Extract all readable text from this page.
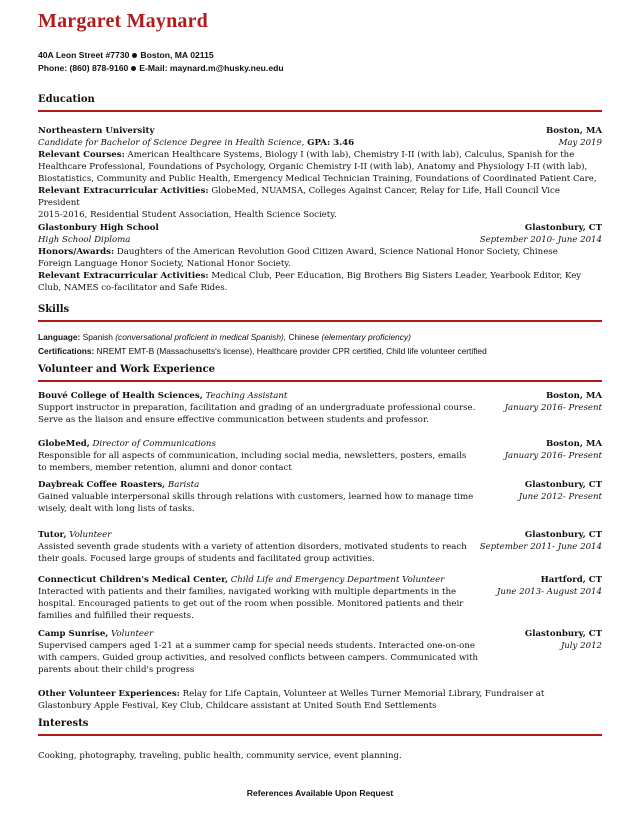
Margaret Maynard
40A Leon Street #7730 Boston, MA 02115
Phone: (860) 878-9160 E-Mail: maynard.m@husky.neu.edu
Education
Northeastern University	Boston, MA
Candidate for Bachelor of Science Degree in Health Science, GPA: 3.46	May 2019
Relevant Courses: American Healthcare Systems, Biology I (with lab), Chemistry I-II (with lab), Calculus, Spanish for the
Healthcare Professional, Foundations of Psychology, Organic Chemistry I-II (with lab), Anatomy and Physiology I-II (with lab),
Biostatistics, Community and Public Health, Emergency Medical Technician Training, Foundations of Coordinated Patient Care,
Relevant Extracurricular Activities: GlobeMed, NUAMSA, Colleges Against Cancer, Relay for Life, Hall Council Vice President
2015-2016, Residential Student Association, Health Science Society.
Glastonbury High School	Glastonbury, CT
High School Diploma	September 2010- June 2014
Honors/Awards: Daughters of the American Revolution Good Citizen Award, Science National Honor Society, Chinese
Foreign Language Honor Society, National Honor Society.
Relevant Extracurricular Activities: Medical Club, Peer Education, Big Brothers Big Sisters Leader, Yearbook Editor, Key
Club, NAMES co-facilitator and Safe Rides.
Skills
Language: Spanish (conversational proficient in medical Spanish), Chinese (elementary proficiency)
Certifications: NREMT EMT-B (Massachusetts's license), Healthcare provider CPR certified, Child life volunteer certified
Volunteer and Work Experience
Bouvé College of Health Sciences, Teaching Assistant	Boston, MA
Support instructor in preparation, facilitation and grading of an undergraduate professional course.	January 2016- Present
Serve as the liaison and ensure effective communication between students and professor.
GlobeMed, Director of Communications	Boston, MA
Responsible for all aspects of communication, including social media, newsletters, posters, emails	January 2016- Present
to members, member retention, alumni and donor contact
Daybreak Coffee Roasters, Barista	Glastonbury, CT
Gained valuable interpersonal skills through relations with customers, learned how to manage time	June 2012- Present
wisely, dealt with long lists of tasks.
Tutor, Volunteer	Glastonbury, CT
Assisted seventh grade students with a variety of attention disorders, motivated students to reach September 2011- June 2014
their goals. Focused large groups of students and facilitated group activities.
Connecticut Children's Medical Center, Child Life and Emergency Department Volunteer	Hartford, CT
Interacted with patients and their families, navigated working with multiple departments in the	June 2013- August 2014
hospital. Encouraged patients to get out of the room when possible. Monitored patients and their
families and fulfilled their requests.
Camp Sunrise, Volunteer	Glastonbury, CT
Supervised campers aged 1-21 at a summer camp for special needs students. Interacted one-on-one	July 2012
with campers. Guided group activities, and resolved conflicts between campers. Communicated with
parents about their child's progress
Other Volunteer Experiences: Relay for Life Captain, Volunteer at Welles Turner Memorial Library, Fundraiser at
Glastonbury Apple Festival, Key Club, Childcare assistant at United South End Settlements
Interests
Cooking, photography, traveling, public health, community service, event planning.
References Available Upon Request
